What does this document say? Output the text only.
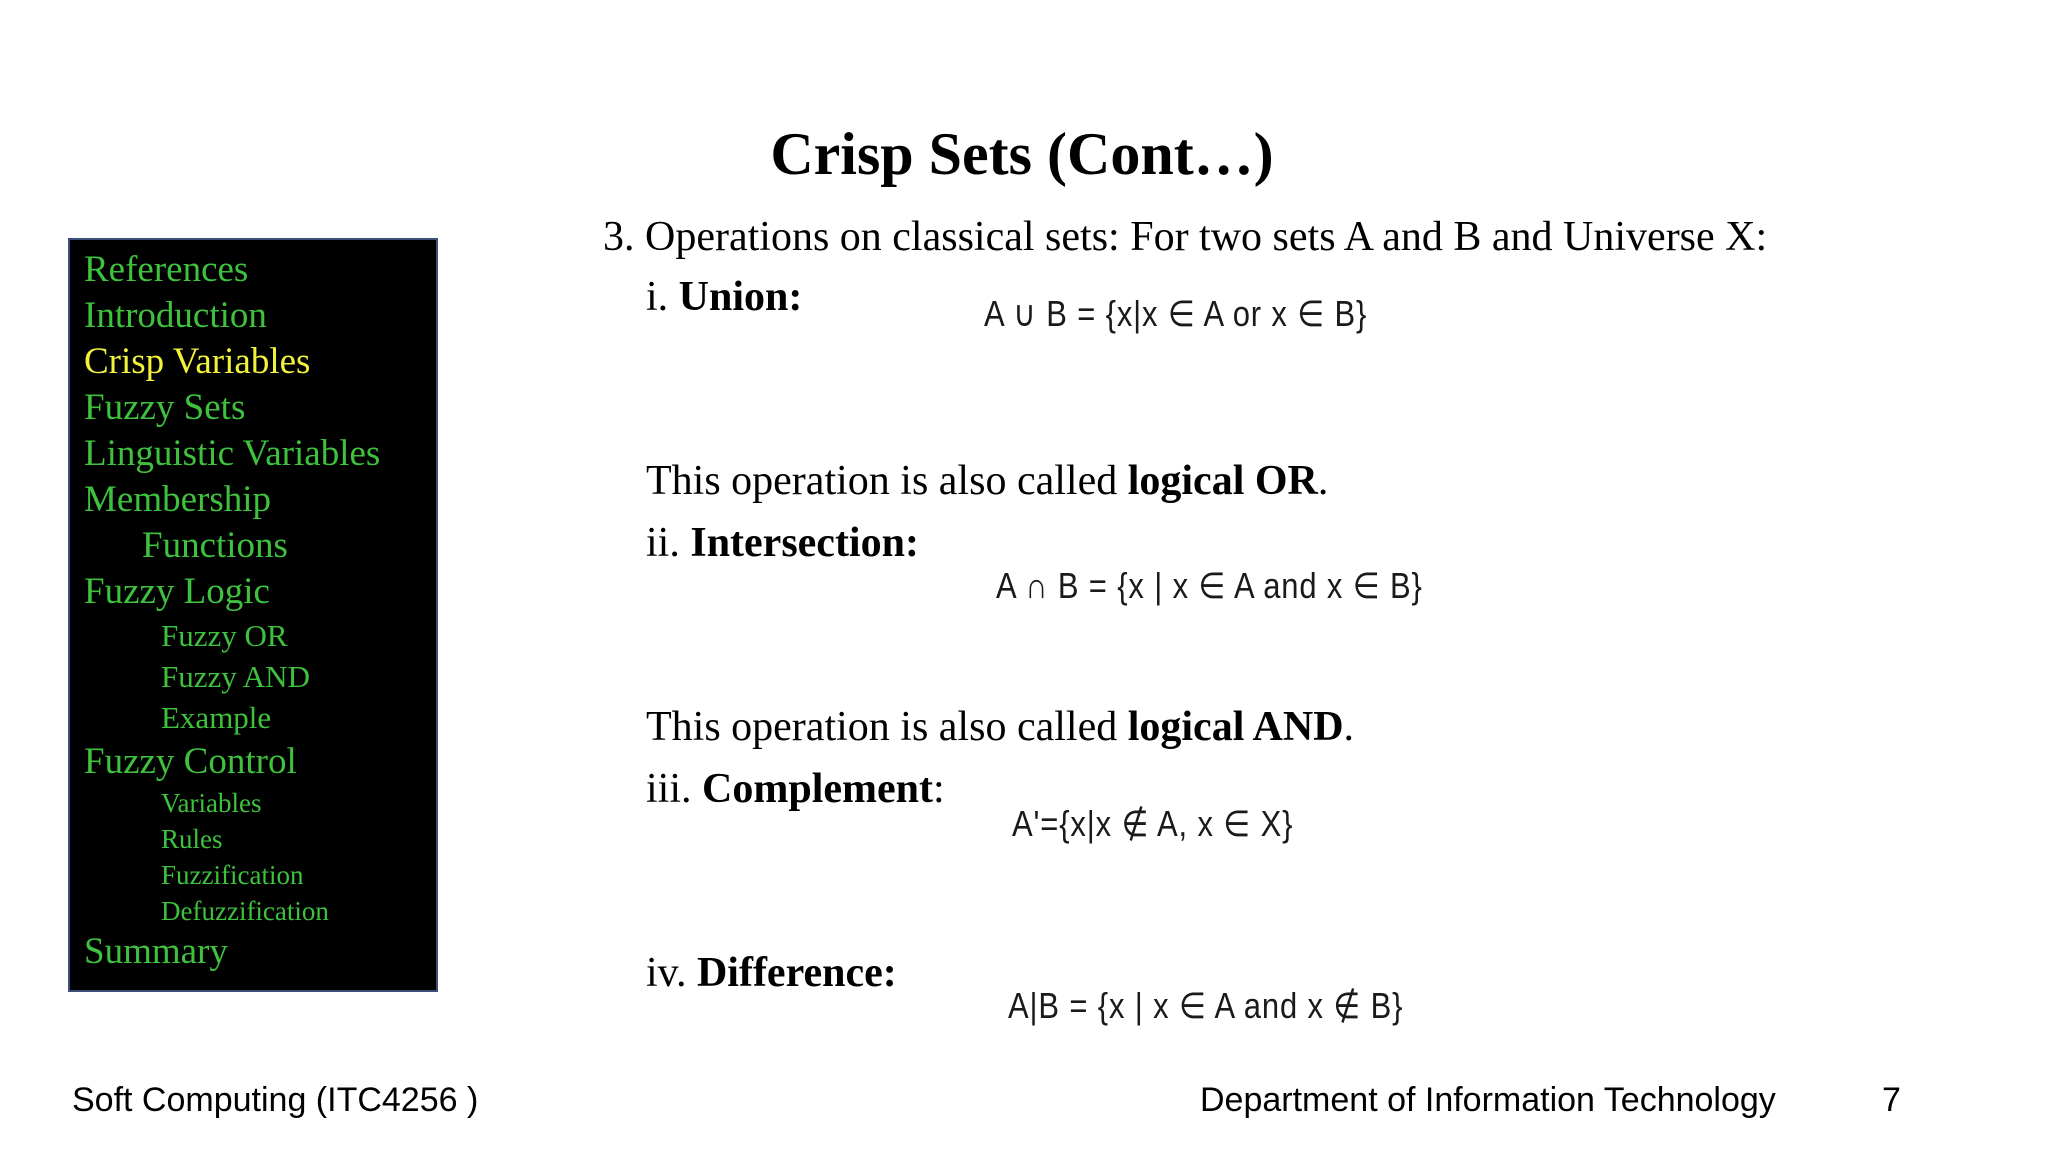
Crisp Sets (Cont…)
References
Introduction
Crisp Variables
Fuzzy Sets
Linguistic Variables
Membership
Functions
Fuzzy Logic
Fuzzy OR
Fuzzy AND
Example
Fuzzy Control
Variables
Rules
Fuzzification
Defuzzification
Summary
3. Operations on classical sets: For two sets A and B and Universe X:
i. Union:	A ∪ B = {x|x ∈ A or x ∈ B}
This operation is also called logical OR.
ii. Intersection:
A ∩ B = {x | x ∈ A and x ∈ B}
This operation is also called logical AND.
iii. Complement:
A'={x|x ∉ A, x ∈ X}
iv. Difference:
A|B = {x | x ∈ A and x ∉ B}
Soft Computing (ITC4256 )	Department of Information Technology	7
